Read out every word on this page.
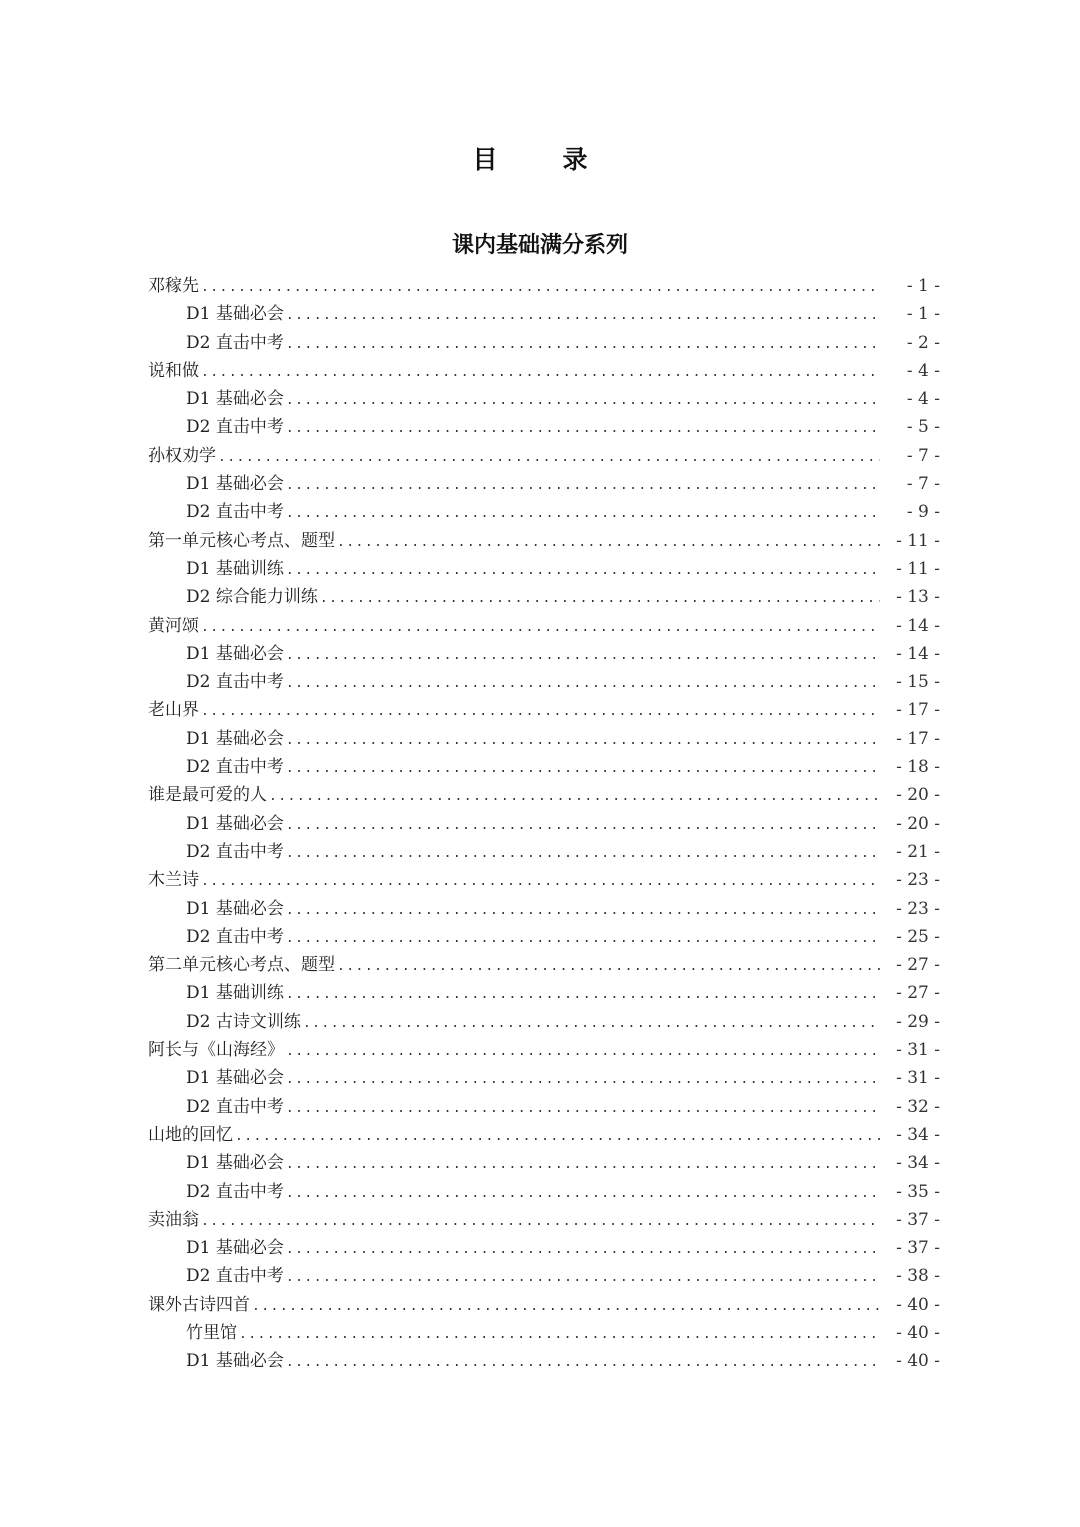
目　录
课内基础满分系列
邓稼先 .....	- 1 -
D1 基础必会 .....	- 1 -
D2 直击中考 .....	- 2 -
说和做 .....	- 4 -
D1 基础必会 .....	- 4 -
D2 直击中考 .....	- 5 -
孙权劝学 .....	- 7 -
D1 基础必会 .....	- 7 -
D2 直击中考 .....	- 9 -
第一单元核心考点、题型 .....	- 11 -
D1 基础训练 .....	- 11 -
D2 综合能力训练 .....	- 13 -
黄河颂 .....	- 14 -
D1 基础必会 .....	- 14 -
D2 直击中考 .....	- 15 -
老山界 .....	- 17 -
D1 基础必会 .....	- 17 -
D2 直击中考 .....	- 18 -
谁是最可爱的人 .....	- 20 -
D1 基础必会 .....	- 20 -
D2 直击中考 .....	- 21 -
木兰诗 .....	- 23 -
D1 基础必会 .....	- 23 -
D2 直击中考 .....	- 25 -
第二单元核心考点、题型 .....	- 27 -
D1 基础训练 .....	- 27 -
D2 古诗文训练 .....	- 29 -
阿长与《山海经》 .....	- 31 -
D1 基础必会 .....	- 31 -
D2 直击中考 .....	- 32 -
山地的回忆 .....	- 34 -
D1 基础必会 .....	- 34 -
D2 直击中考 .....	- 35 -
卖油翁 .....	- 37 -
D1 基础必会 .....	- 37 -
D2 直击中考 .....	- 38 -
课外古诗四首 .....	- 40 -
竹里馆 .....	- 40 -
D1 基础必会 .....	- 40 -
